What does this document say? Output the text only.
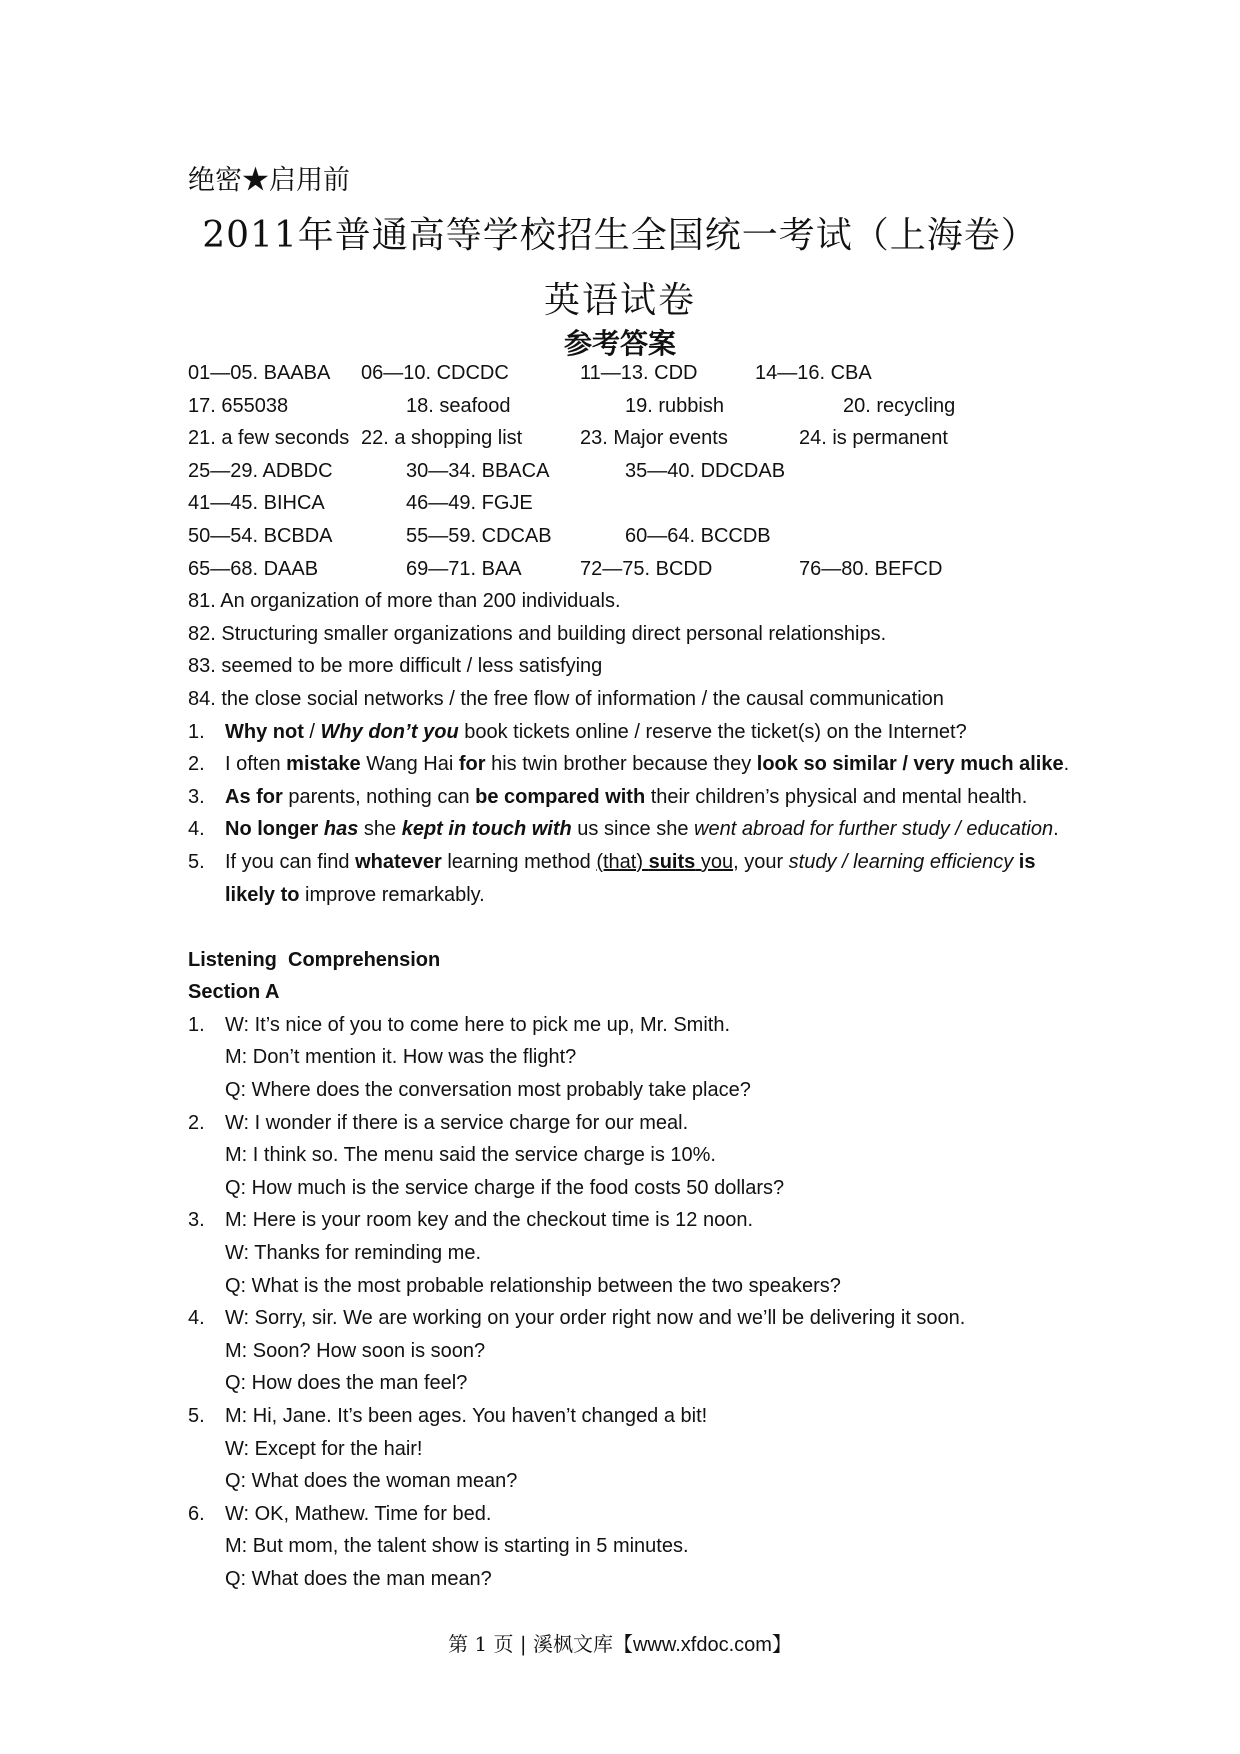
绝密★启用前
2011年普通高等学校招生全国统一考试（上海卷）
英语试卷
参考答案
01—05. BAABA 06—10. CDCDC	11—13. CDD	14—16. CBA
17. 655038	18. seafood	19. rubbish	20. recycling
21. a few seconds 22. a shopping list	23. Major events	24. is permanent
25—29. ADBDC	30—34. BBACA	35—40. DDCDAB
41—45. BIHCA	46—49. FGJE
50—54. BCBDA	55—59. CDCAB	60—64. BCCDB
65—68. DAAB	69—71. BAA	72—75. BCDD	76—80. BEFCD
81. An organization of more than 200 individuals.
82. Structuring smaller organizations and building direct personal relationships.
83. seemed to be more difficult / less satisfying
84. the close social networks / the free flow of information / the causal communication
1. Why not / Why don’t you book tickets online / reserve the ticket(s) on the Internet?
2. I often mistake Wang Hai for his twin brother because they look so similar / very much alike.
3. As for parents, nothing can be compared with their children’s physical and mental health.
4. No longer has she kept in touch with us since she went abroad for further study / education.
5. If you can find whatever learning method (that) suits you, your study / learning efficiency is likely to improve remarkably.
Listening  Comprehension
Section A
1. W: It’s nice of you to come here to pick me up, Mr. Smith.
M: Don’t mention it. How was the flight?
Q: Where does the conversation most probably take place?
2. W: I wonder if there is a service charge for our meal.
M: I think so. The menu said the service charge is 10%.
Q: How much is the service charge if the food costs 50 dollars?
3. M: Here is your room key and the checkout time is 12 noon.
W: Thanks for reminding me.
Q: What is the most probable relationship between the two speakers?
4. W: Sorry, sir. We are working on your order right now and we’ll be delivering it soon.
M: Soon? How soon is soon?
Q: How does the man feel?
5. M: Hi, Jane. It’s been ages. You haven’t changed a bit!
W: Except for the hair!
Q: What does the woman mean?
6. W: OK, Mathew. Time for bed.
M: But mom, the talent show is starting in 5 minutes.
Q: What does the man mean?
第 1 页 | 溪枫文库【www.xfdoc.com】
